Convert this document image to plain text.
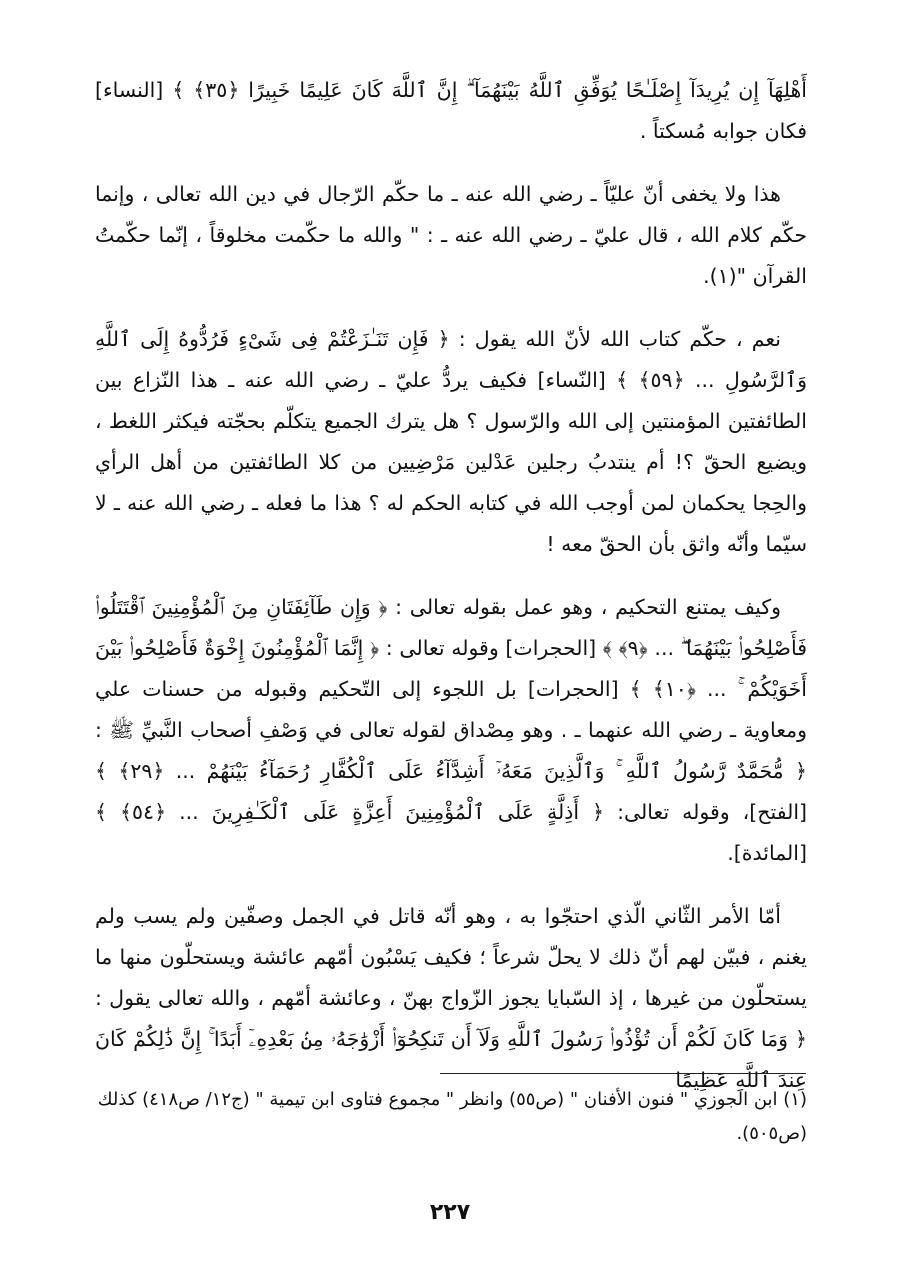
أَهْلِهَآ إِن يُرِيدَآ إِصْلَـٰحًا يُوَفِّقِ ٱللَّهُ بَيْنَهُمَآ ۗ إِنَّ ٱللَّهَ كَانَ عَلِيمًا خَبِيرًا ﴿٣٥﴾ ﴾ [النساء] فكان جوابه مُسكتاً .

هذا ولا يخفى أنّ عليّاً ـ رضي الله عنه ـ ما حكّم الرّجال في دين الله تعالى ، وإنما حكّم كلام الله ، قال عليّ ـ رضي الله عنه ـ : " والله ما حكّمت مخلوقاً ، إنّما حكّمتُ القرآن "(١).

نعم ، حكّم كتاب الله لأنّ الله يقول : ﴿ فَإِن تَنَـٰزَعْتُمْ فِى شَىْءٍ فَرُدُّوهُ إِلَى ٱللَّهِ وَٱلرَّسُولِ ... ﴿٥٩﴾ ﴾ [النّساء] فكيف يردُّ عليّ ـ رضي الله عنه ـ هذا النّزاع بين الطائفتين المؤمنتين إلى الله والرّسول ؟ هل يترك الجميع يتكلّم بحجّته فيكثر اللغط ، ويضيع الحقّ ؟! أم ينتدبُ رجلين عَدْلين مَرْضِيين من كلا الطائفتين من أهل الرأي والحِجا يحكمان لمن أوجب الله في كتابه الحكم له ؟ هذا ما فعله ـ رضي الله عنه ـ لا سيّما وأنّه واثق بأن الحقّ معه !

وكيف يمتنع التحكيم ، وهو عمل بقوله تعالى : ﴿ وَإِن طَآئِفَتَانِ مِنَ ٱلْمُؤْمِنِينَ ٱقْتَتَلُوا۟ فَأَصْلِحُوا۟ بَيْنَهُمَا ۖ ... ﴿٩﴾ ﴾ [الحجرات] وقوله تعالى : ﴿ إِنَّمَا ٱلْمُؤْمِنُونَ إِخْوَةٌ فَأَصْلِحُوا۟ بَيْنَ أَخَوَيْكُمْ ۚ ... ﴿١٠﴾ ﴾ [الحجرات] بل اللجوء إلى التّحكيم وقبوله من حسنات علي ومعاوية ـ رضي الله عنهما ـ . وهو مِصْداق لقوله تعالى في وَصْفِ أصحاب النَّبيِّ ﷺ : ﴿ مُّحَمَّدٌ رَّسُولُ ٱللَّهِ ۚ وَٱلَّذِينَ مَعَهُۥٓ أَشِدَّآءُ عَلَى ٱلْكُفَّارِ رُحَمَآءُ بَيْنَهُمْ ... ﴿٢٩﴾ ﴾ [الفتح]، وقوله تعالى: ﴿ أَذِلَّةٍ عَلَى ٱلْمُؤْمِنِينَ أَعِزَّةٍ عَلَى ٱلْكَـٰفِرِينَ ... ﴿٥٤﴾ ﴾ [المائدة].

أمّا الأمر الثّاني الّذي احتجّوا به ، وهو أنّه قاتل في الجمل وصفّين ولم يسب ولم يغنم ، فبيّن لهم أنّ ذلك لا يحلّ شرعاً ؛ فكيف يَسْبُون أمّهم عائشة ويستحلّون منها ما يستحلّون من غيرها ، إذ السّبايا يجوز الزّواج بهنّ ، وعائشة أمّهم ، والله تعالى يقول : ﴿ وَمَا كَانَ لَكُمْ أَن تُؤْذُوا۟ رَسُولَ ٱللَّهِ وَلَآ أَن تَنكِحُوٓا۟ أَزْوَٰجَهُۥ مِنۢ بَعْدِهِۦٓ أَبَدًا ۚ إِنَّ ذَٰلِكُمْ كَانَ عِندَ ٱللَّهِ عَظِيمًا

(١) ابن الجوزي " فنون الأفنان " (ص٥٥) وانظر " مجموع فتاوى ابن تيمية " (ج١٢/ ص٤١٨) كذلك (ص٥٠٥).
٢٢٧
